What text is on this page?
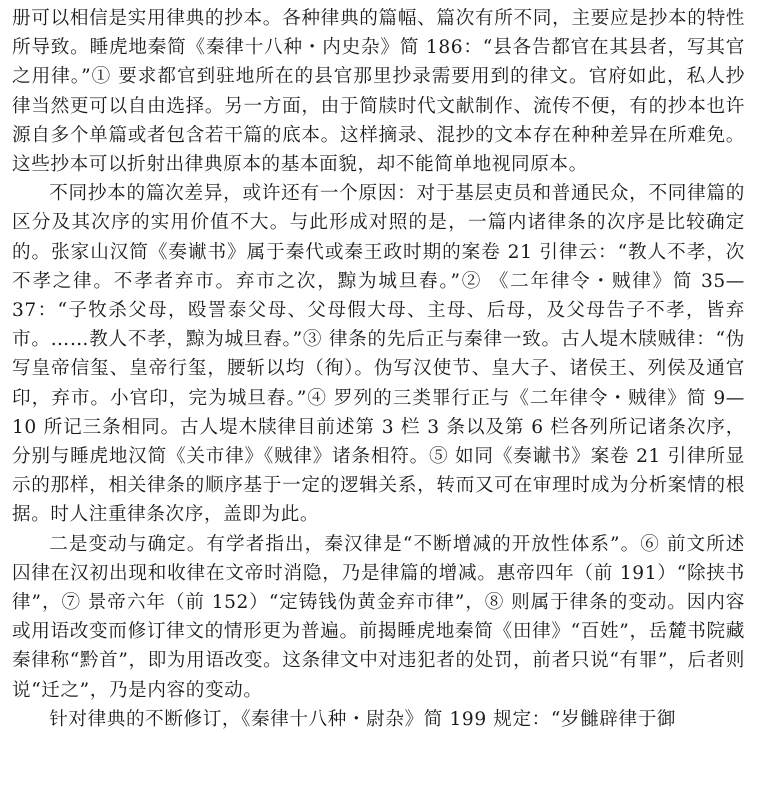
册可以相信是实用律典的抄本。各种律典的篇幅、篇次有所不同，主要应是抄本的特性所导致。睡虎地秦简《秦律十八种・内史杂》简 186：“县各告都官在其县者，写其官之用律。”① 要求都官到驻地所在的县官那里抄录需要用到的律文。官府如此，私人抄律当然更可以自由选择。另一方面，由于简牍时代文献制作、流传不便，有的抄本也许源自多个单篇或者包含若干篇的底本。这样摘录、混抄的文本存在种种差异在所难免。这些抄本可以折射出律典原本的基本面貌，却不能简单地视同原本。

不同抄本的篇次差异，或许还有一个原因：对于基层吏员和普通民众，不同律篇的区分及其次序的实用价值不大。与此形成对照的是，一篇内诸律条的次序是比较确定的。张家山汉简《奏谳书》属于秦代或秦王政时期的案卷 21 引律云：“教人不孝，次不孝之律。不孝者弃市。弃市之次，黥为城旦舂。”② 《二年律令・贼律》简 35—37：“子牧杀父母，殴詈泰父母、父母假大母、主母、后母，及父母告子不孝，皆弃市。……教人不孝，黥为城旦舂。”③ 律条的先后正与秦律一致。古人堤木牍贼律：“伪写皇帝信玺、皇帝行玺，腰斩以均（徇）。伪写汉使节、皇大子、诸侯王、列侯及通官印，弃市。小官印，完为城旦舂。”④ 罗列的三类罪行正与《二年律令・贼律》简 9—10 所记三条相同。古人堤木牍律目前述第 3 栏 3 条以及第 6 栏各列所记诸条次序，分别与睡虎地汉简《关市律》《贼律》诸条相符。⑤ 如同《奏谳书》案卷 21 引律所显示的那样，相关律条的顺序基于一定的逻辑关系，转而又可在审理时成为分析案情的根据。时人注重律条次序，盖即为此。

二是变动与确定。有学者指出，秦汉律是“不断增减的开放性体系”。⑥ 前文所述囚律在汉初出现和收律在文帝时消隐，乃是律篇的增减。惠帝四年（前 191）“除挟书律”，⑦ 景帝六年（前 152）“定铸钱伪黄金弃市律”，⑧ 则属于律条的变动。因内容或用语改变而修订律文的情形更为普遍。前揭睡虎地秦简《田律》“百姓”，岳麓书院藏秦律称“黔首”，即为用语改变。这条律文中对违犯者的处罚，前者只说“有罪”，后者则说“迁之”，乃是内容的变动。

针对律典的不断修订，《秦律十八种・尉杂》简 199 规定：“岁雠辟律于御
